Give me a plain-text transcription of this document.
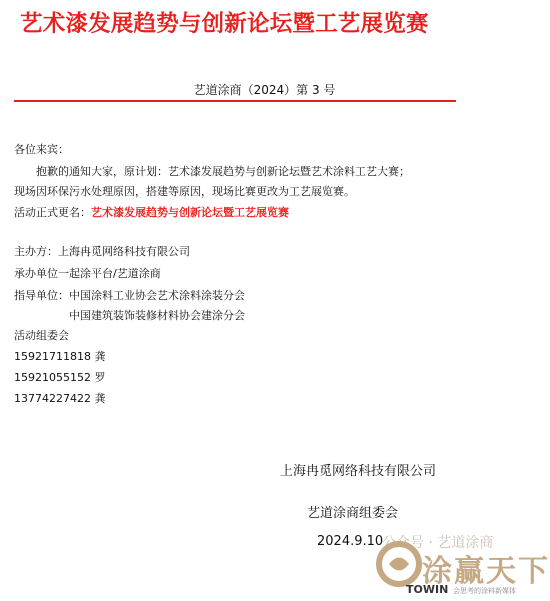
艺术漆发展趋势与创新论坛暨工艺展览赛
艺道涂商（2024）第 3 号
各位来宾：
抱歉的通知大家，原计划：艺术漆发展趋势与创新论坛暨艺术涂料工艺大赛；
现场因环保污水处理原因，搭建等原因，现场比赛更改为工艺展览赛。
活动正式更名：艺术漆发展趋势与创新论坛暨工艺展览赛
主办方：上海冉觅网络科技有限公司
承办单位一起涂平台/艺道涂商
指导单位：中国涂料工业协会艺术涂料涂装分会
中国建筑装饰装修材料协会建涂分会
活动组委会
15921711818 龚
15921055152 罗
13774227422 龚
上海冉觅网络科技有限公司
艺道涂商组委会
2024.9.10
公众号 · 艺道涂商
涂赢天下
TOWIN 会思考的涂料新媒体
